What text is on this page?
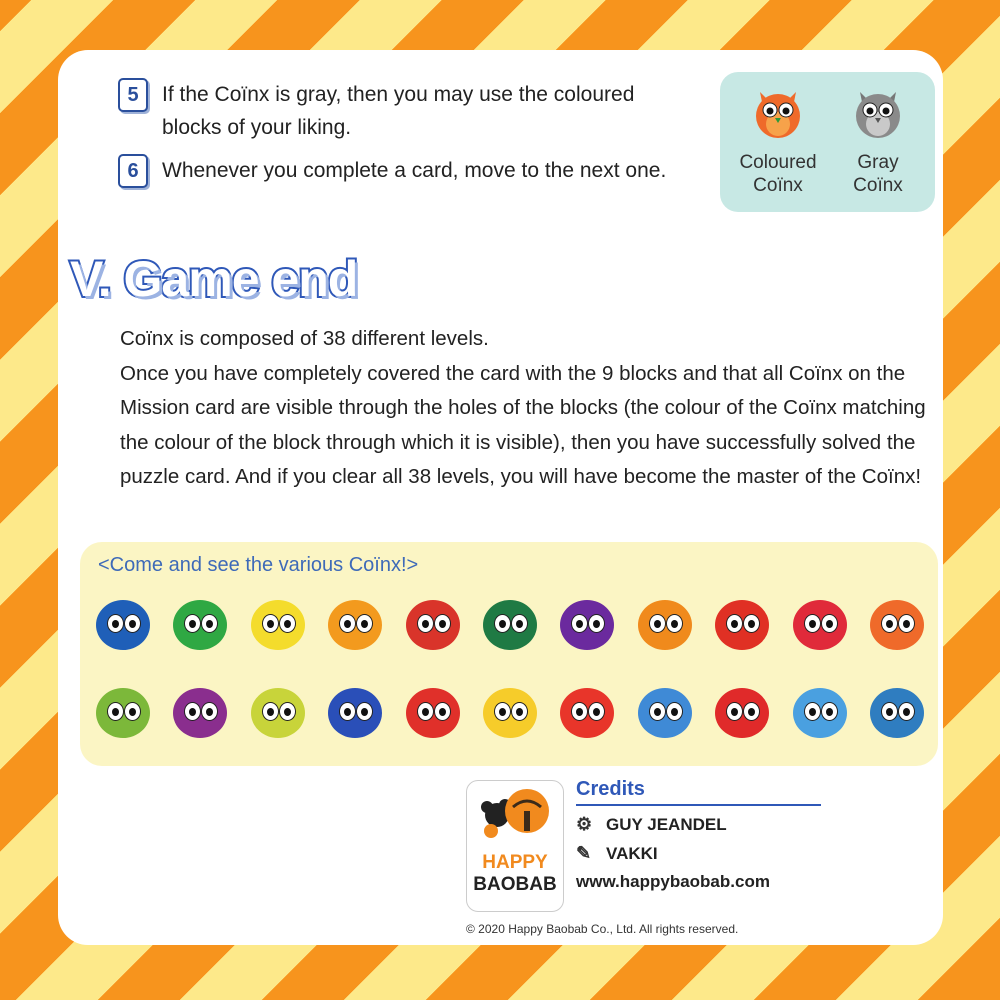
5	If the Coïnx is gray, then you may use the coloured blocks of your liking.
6	Whenever you complete a card, move to the next one.	Coloured
Coïnx
Gray
Coïnx
V. Game end

Coïnx is composed of 38 different levels.

Once you have completely covered the card with the 9 blocks and that all Coïnx on the Mission card are visible through the holes of the blocks (the colour of the Coïnx matching the colour of the block through which it is visible), then you have successfully solved the puzzle card. And if you clear all 38 levels, you will have become the master of the Coïnx!

<Come and see the various Coïnx!>
HAPPY
BAOBAB
Credits
⚙ GUY JEANDEL
✎ VAKKI
www.happybaobab.com
© 2020 Happy Baobab Co., Ltd. All rights reserved.
